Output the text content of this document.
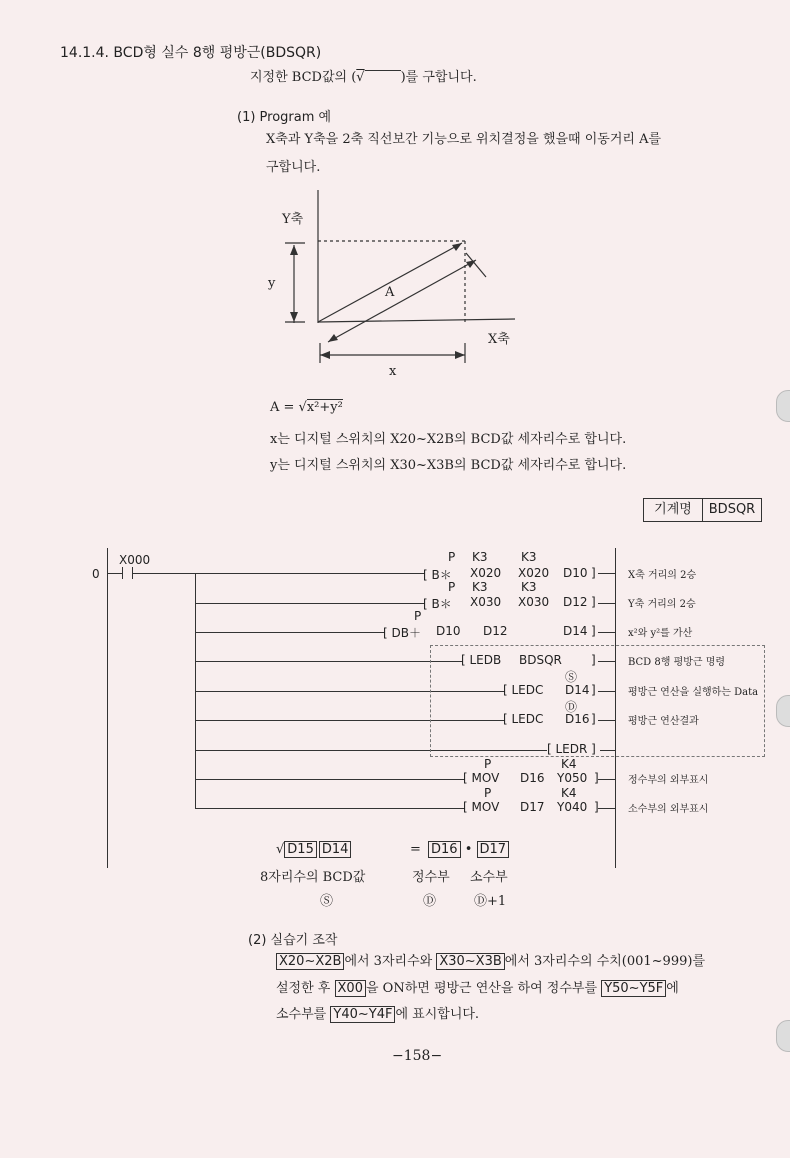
14.1.4. BCD형 실수 8행 평방근(BDSQR)
지정한 BCD값의 (√	)를 구합니다.
(1) Program 예
X축과 Y축을 2축 직선보간 기능으로 위치결정을 했을때 이동거리 A를
구합니다.
Y축
X축
y
x
A
A = √x²+y²
x는 디지털 스위치의 X20~X2B의 BCD값 세자리수로 합니다.
y는 디지털 스위치의 X30~X3B의 BCD값 세자리수로 합니다.
기계명	BDSQR
0
X000	P K3	K3
[ B＊ X020 X020 D10 ]	X축 거리의 2승
P K3	K3
[ B＊ X030 X030 D12 ]	Y축 거리의 2승
P
[ DB＋ D10 D12	D14 ]	x²와 y²를 가산
[ LEDB BDSQR ]	BCD 8행 평방근 명령
Ⓢ
[ LEDC D14 ]	평방근 연산을 실행하는 Data
Ⓓ
[ LEDC D16 ]	평방근 연산결과
[ LEDR ]
P	K4
[ MOV D16 Y050 ]	정수부의 외부표시
P	K4
[ MOV D17 Y040 ]	소수부의 외부표시
√ D15 D14	= D16 • D17
8자리수의 BCD값	정수부 소수부
Ⓢ	Ⓓ	Ⓓ+1
(2) 실습기 조작
X20~X2B 에서 3자리수와 X30~X3B 에서 3자리수의 수치(001~999)를
설정한 후 X00 을 ON하면 평방근 연산을 하여 정수부를 Y50~Y5F 에
소수부를 Y40~Y4F 에 표시합니다.
−158−
